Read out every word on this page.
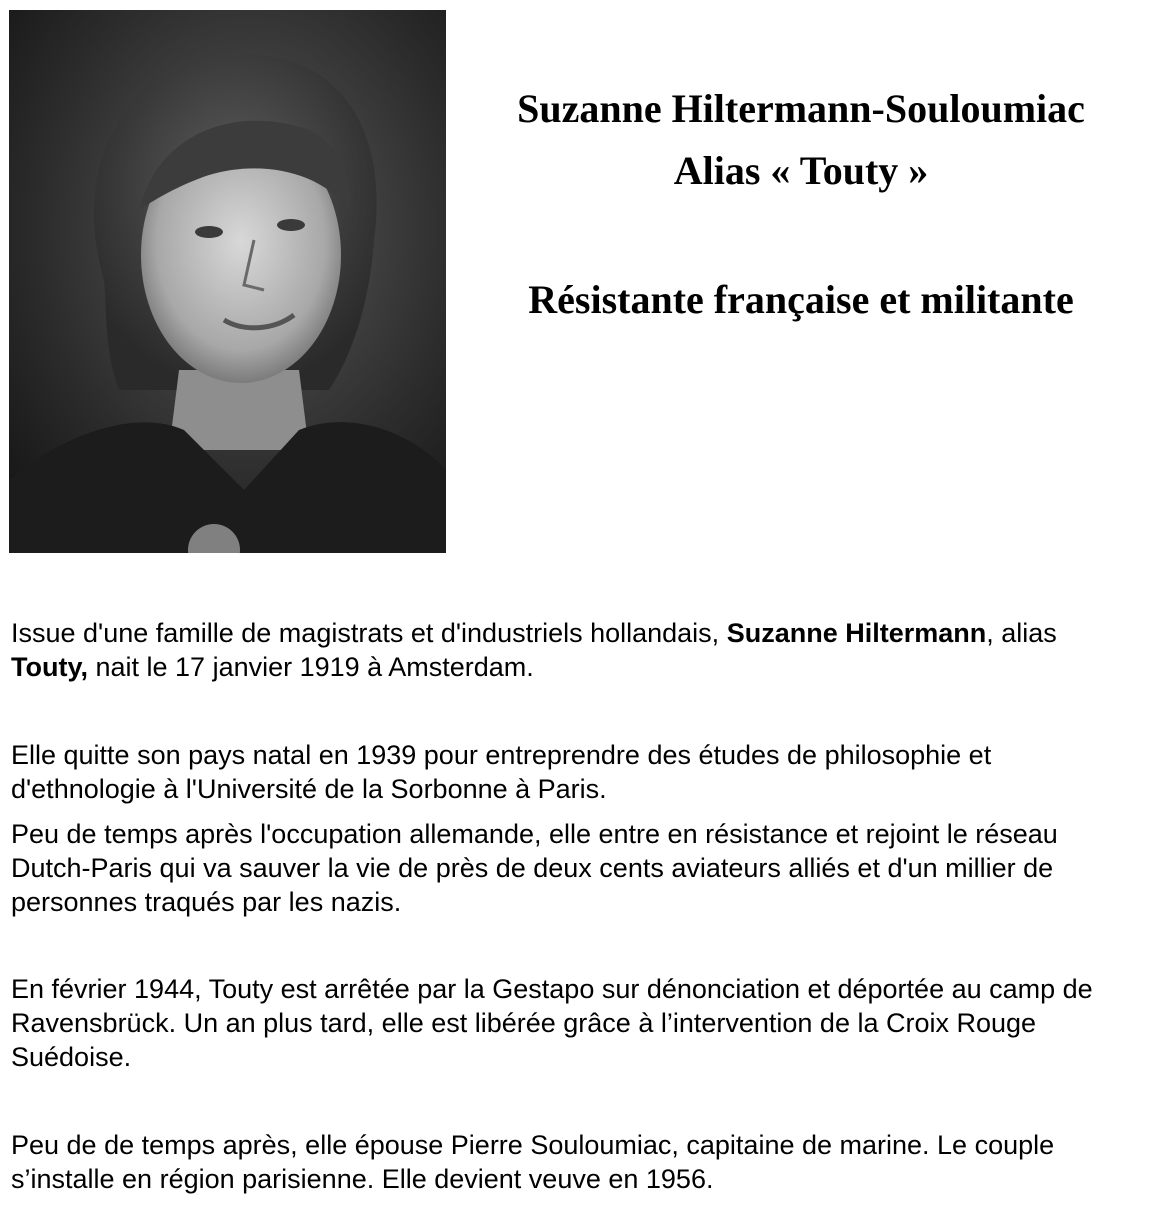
Suzanne Hiltermann-Souloumiac
Alias « Touty »
Résistante française et militante

Issue d'une famille de magistrats et d'industriels hollandais, Suzanne Hiltermann, alias Touty, nait le 17 janvier 1919 à Amsterdam.

Elle quitte son pays natal en 1939 pour entreprendre des études de philosophie et d'ethnologie à l'Université de la Sorbonne à Paris.

Peu de temps après l'occupation allemande, elle entre en résistance et rejoint le réseau Dutch-Paris qui va sauver la vie de près de deux cents aviateurs alliés et d'un millier de personnes traqués par les nazis.

En février 1944, Touty est arrêtée par la Gestapo sur dénonciation et déportée au camp de Ravensbrück. Un an plus tard, elle est libérée grâce à l’intervention de la Croix Rouge Suédoise.

Peu de de temps après, elle épouse Pierre Souloumiac, capitaine de marine. Le couple s’installe en région parisienne. Elle devient veuve en 1956.
